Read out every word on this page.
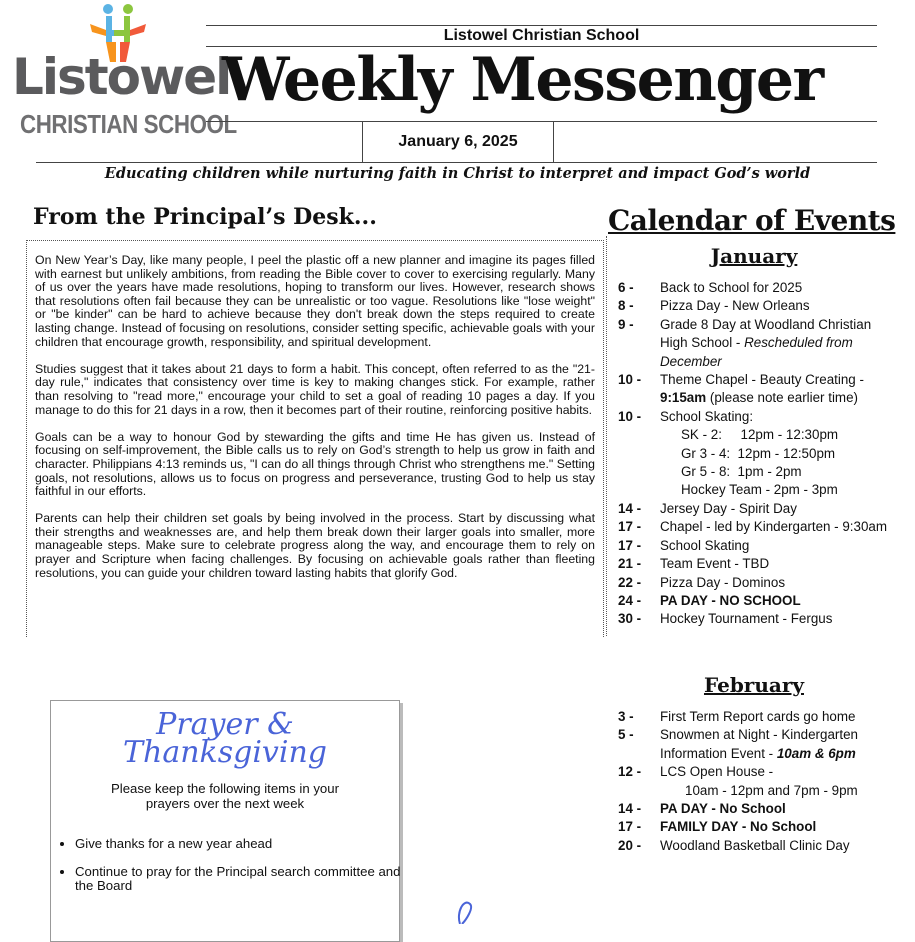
Listowel
CHRISTIAN SCHOOL
Listowel Christian School
Weekly Messenger
January 6, 2025
Educating children while nurturing faith in Christ to interpret and impact God’s world
From the Principal’s Desk...

On New Year’s Day, like many people, I peel the plastic off a new planner and imagine its pages filled with earnest but unlikely ambitions, from reading the Bible cover to cover to exercising regularly. Many of us over the years have made resolutions, hoping to transform our lives. However, research shows that resolutions often fail because they can be unrealistic or too vague. Resolutions like "lose weight" or "be kinder" can be hard to achieve because they don't break down the steps required to create lasting change. Instead of focusing on resolutions, consider setting specific, achievable goals with your children that encourage growth, responsibility, and spiritual development.

Studies suggest that it takes about 21 days to form a habit. This concept, often referred to as the "21-day rule," indicates that consistency over time is key to making changes stick. For example, rather than resolving to "read more," encourage your child to set a goal of reading 10 pages a day. If you manage to do this for 21 days in a row, then it becomes part of their routine, reinforcing positive habits.

Goals can be a way to honour God by stewarding the gifts and time He has given us. Instead of focusing on self-improvement, the Bible calls us to rely on God’s strength to help us grow in faith and character. Philippians 4:13 reminds us, "I can do all things through Christ who strengthens me." Setting goals, not resolutions, allows us to focus on progress and perseverance, trusting God to help us stay faithful in our efforts.

Parents can help their children set goals by being involved in the process. Start by discussing what their strengths and weaknesses are, and help them break down their larger goals into smaller, more manageable steps. Make sure to celebrate progress along the way, and encourage them to rely on prayer and Scripture when facing challenges. By focusing on achievable goals rather than fleeting resolutions, you can guide your children toward lasting habits that glorify God.

Calendar of Events
January
6 -	Back to School for 2025
8 -	Pizza Day - New Orleans
9 -	Grade 8 Day at Woodland Christian High School - Rescheduled from December
10 -	Theme Chapel - Beauty Creating -
9:15am (please note earlier time)
10 -	School Skating:
SK - 2:     12pm - 12:30pm
Gr 3 - 4:  12pm - 12:50pm
Gr 5 - 8:  1pm - 2pm
Hockey Team - 2pm - 3pm
14 -	Jersey Day - Spirit Day
17 -	Chapel - led by Kindergarten - 9:30am
17 -	School Skating
21 -	Team Event - TBD
22 -	Pizza Day - Dominos
24 -	PA DAY - NO SCHOOL
30 -	Hockey Tournament - Fergus
February
3 -	First Term Report cards go home
5 -	Snowmen at Night - Kindergarten Information Event - 10am & 6pm
12 -	LCS Open House -
10am - 12pm and 7pm - 9pm
14 -	PA DAY - No School
17 -	FAMILY DAY - No School
20 -	Woodland Basketball Clinic Day
Prayer &
Thanksgiving
Please keep the following items in your
prayers over the next week
• Give thanks for a new year ahead
• Continue to pray for the Principal search committee and the Board
